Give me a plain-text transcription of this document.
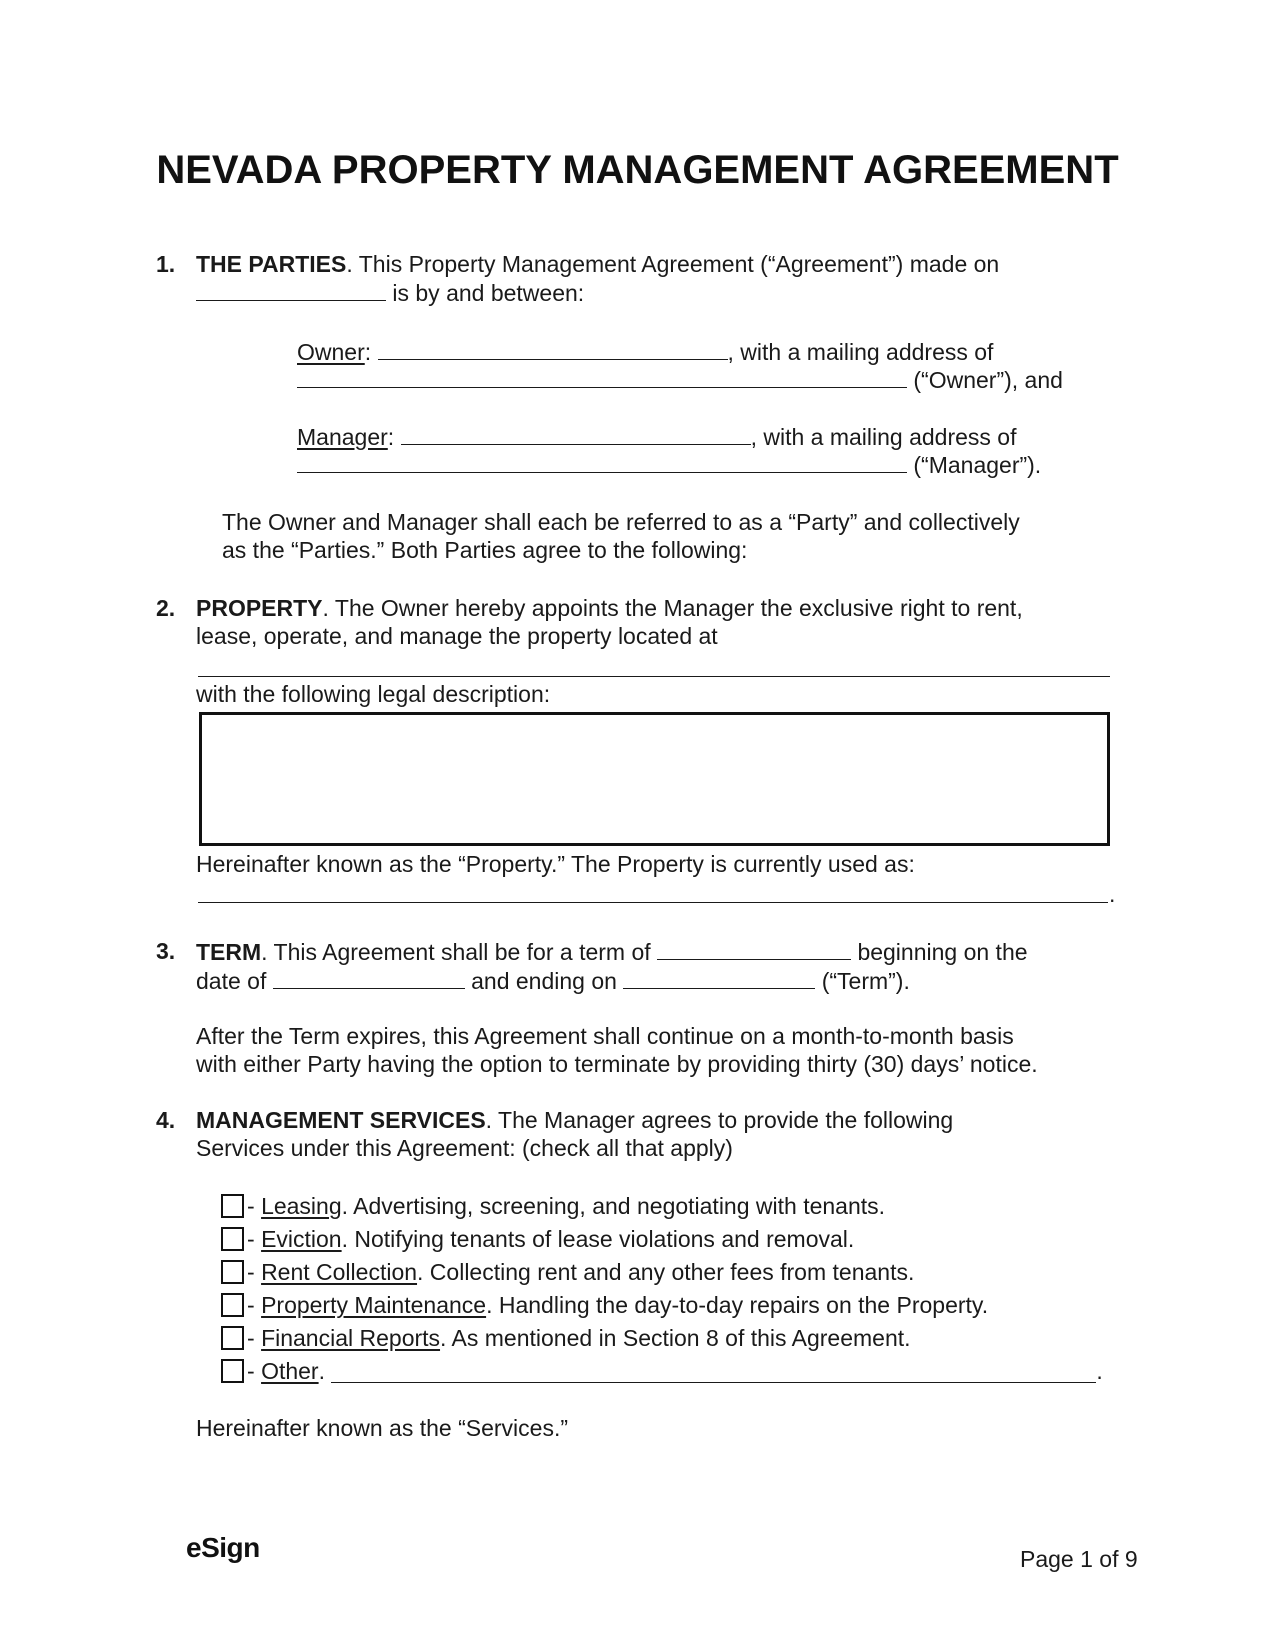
NEVADA PROPERTY MANAGEMENT AGREEMENT
1. THE PARTIES. This Property Management Agreement (“Agreement”) made on
is by and between:
Owner:	, with a mailing address of
(“Owner”), and
Manager:	, with a mailing address of
(“Manager”).
The Owner and Manager shall each be referred to as a “Party” and collectively
as the “Parties.” Both Parties agree to the following:
2. PROPERTY. The Owner hereby appoints the Manager the exclusive right to rent,
lease, operate, and manage the property located at
with the following legal description:
Hereinafter known as the “Property.” The Property is currently used as:
.
3. TERM. This Agreement shall be for a term of	beginning on the
date of	and ending on	(“Term”).
After the Term expires, this Agreement shall continue on a month-to-month basis
with either Party having the option to terminate by providing thirty (30) days’ notice.
4. MANAGEMENT SERVICES. The Manager agrees to provide the following
Services under this Agreement: (check all that apply)
-
Leasing . Advertising, screening, and negotiating with tenants.
-
Eviction . Notifying tenants of lease violations and removal.
-
Rent Collection . Collecting rent and any other fees from tenants.
-
Property Maintenance . Handling the day-to-day repairs on the Property.
-
Financial Reports . As mentioned in Section 8 of this Agreement.
-
Other .
	.
Hereinafter known as the “Services.”
eSign	Page 1 of 9
